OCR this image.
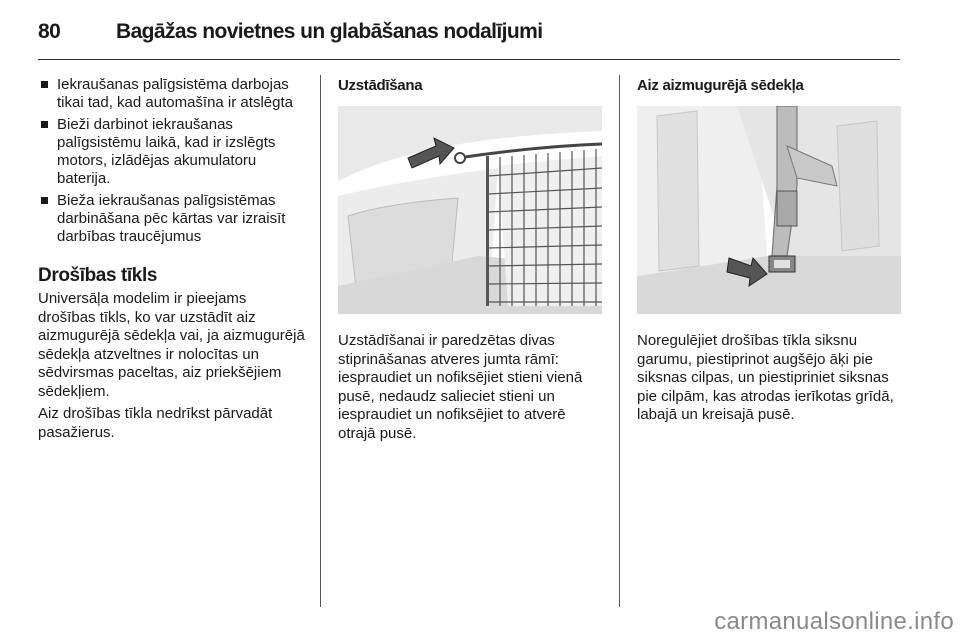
80	Bagāžas novietnes un glabāšanas nodalījumi
Iekraušanas palīgsistēma darbojas tikai tad, kad automašīna ir atslēgta
Bieži darbinot iekraušanas palīgsistēmu laikā, kad ir izslēgts motors, izlādējas akumulatoru baterija.
Bieža iekraušanas palīgsistēmas darbināšana pēc kārtas var izraisīt darbības traucējumus
Drošības tīkls

Universāļa modelim ir pieejams drošības tīkls, ko var uzstādīt aiz aizmugurējā sēdekļa vai, ja aizmugurējā sēdekļa atzveltnes ir nolocītas un sēdvirsmas paceltas, aiz priekšējiem sēdekļiem.

Aiz drošības tīkla nedrīkst pārvadāt pasažierus.

Uzstādīšana

Uzstādīšanai ir paredzētas divas stiprināšanas atveres jumta rāmī: iespraudiet un nofiksējiet stieni vienā pusē, nedaudz salieciet stieni un iespraudiet un nofiksējiet to atverē otrajā pusē.

Aiz aizmugurējā sēdekļa

Noregulējiet drošības tīkla siksnu garumu, piestiprinot augšējo āķi pie siksnas cilpas, un piestipriniet siksnas pie cilpām, kas atrodas ierīkotas grīdā, labajā un kreisajā pusē.

carmanualsonline.info
